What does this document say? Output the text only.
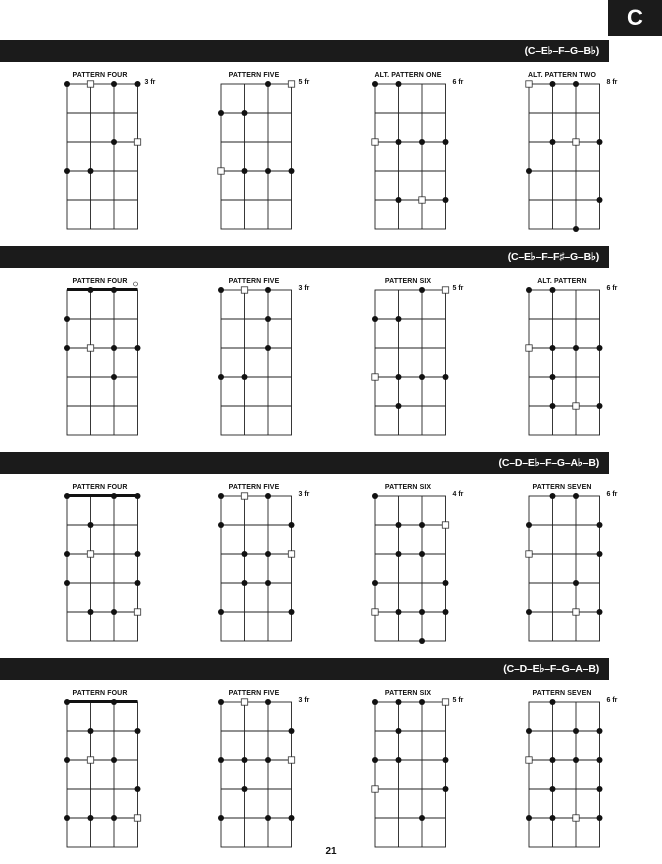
C
(C–E♭–F–G–B♭)
PATTERN FOUR
3 fr
PATTERN FIVE
5 fr
ALT. PATTERN ONE
6 fr
ALT. PATTERN TWO
8 fr
(C–E♭–F–F♯–G–B♭)
PATTERN FOUR	PATTERN FIVE
3 fr
PATTERN SIX
5 fr
ALT. PATTERN
6 fr
(C–D–E♭–F–G–A♭–B)
PATTERN FOUR	PATTERN FIVE
3 fr
PATTERN SIX
4 fr
PATTERN SEVEN
6 fr
(C–D–E♭–F–G–A–B)
PATTERN FOUR	PATTERN FIVE
3 fr
PATTERN SIX
5 fr
PATTERN SEVEN
6 fr
21
